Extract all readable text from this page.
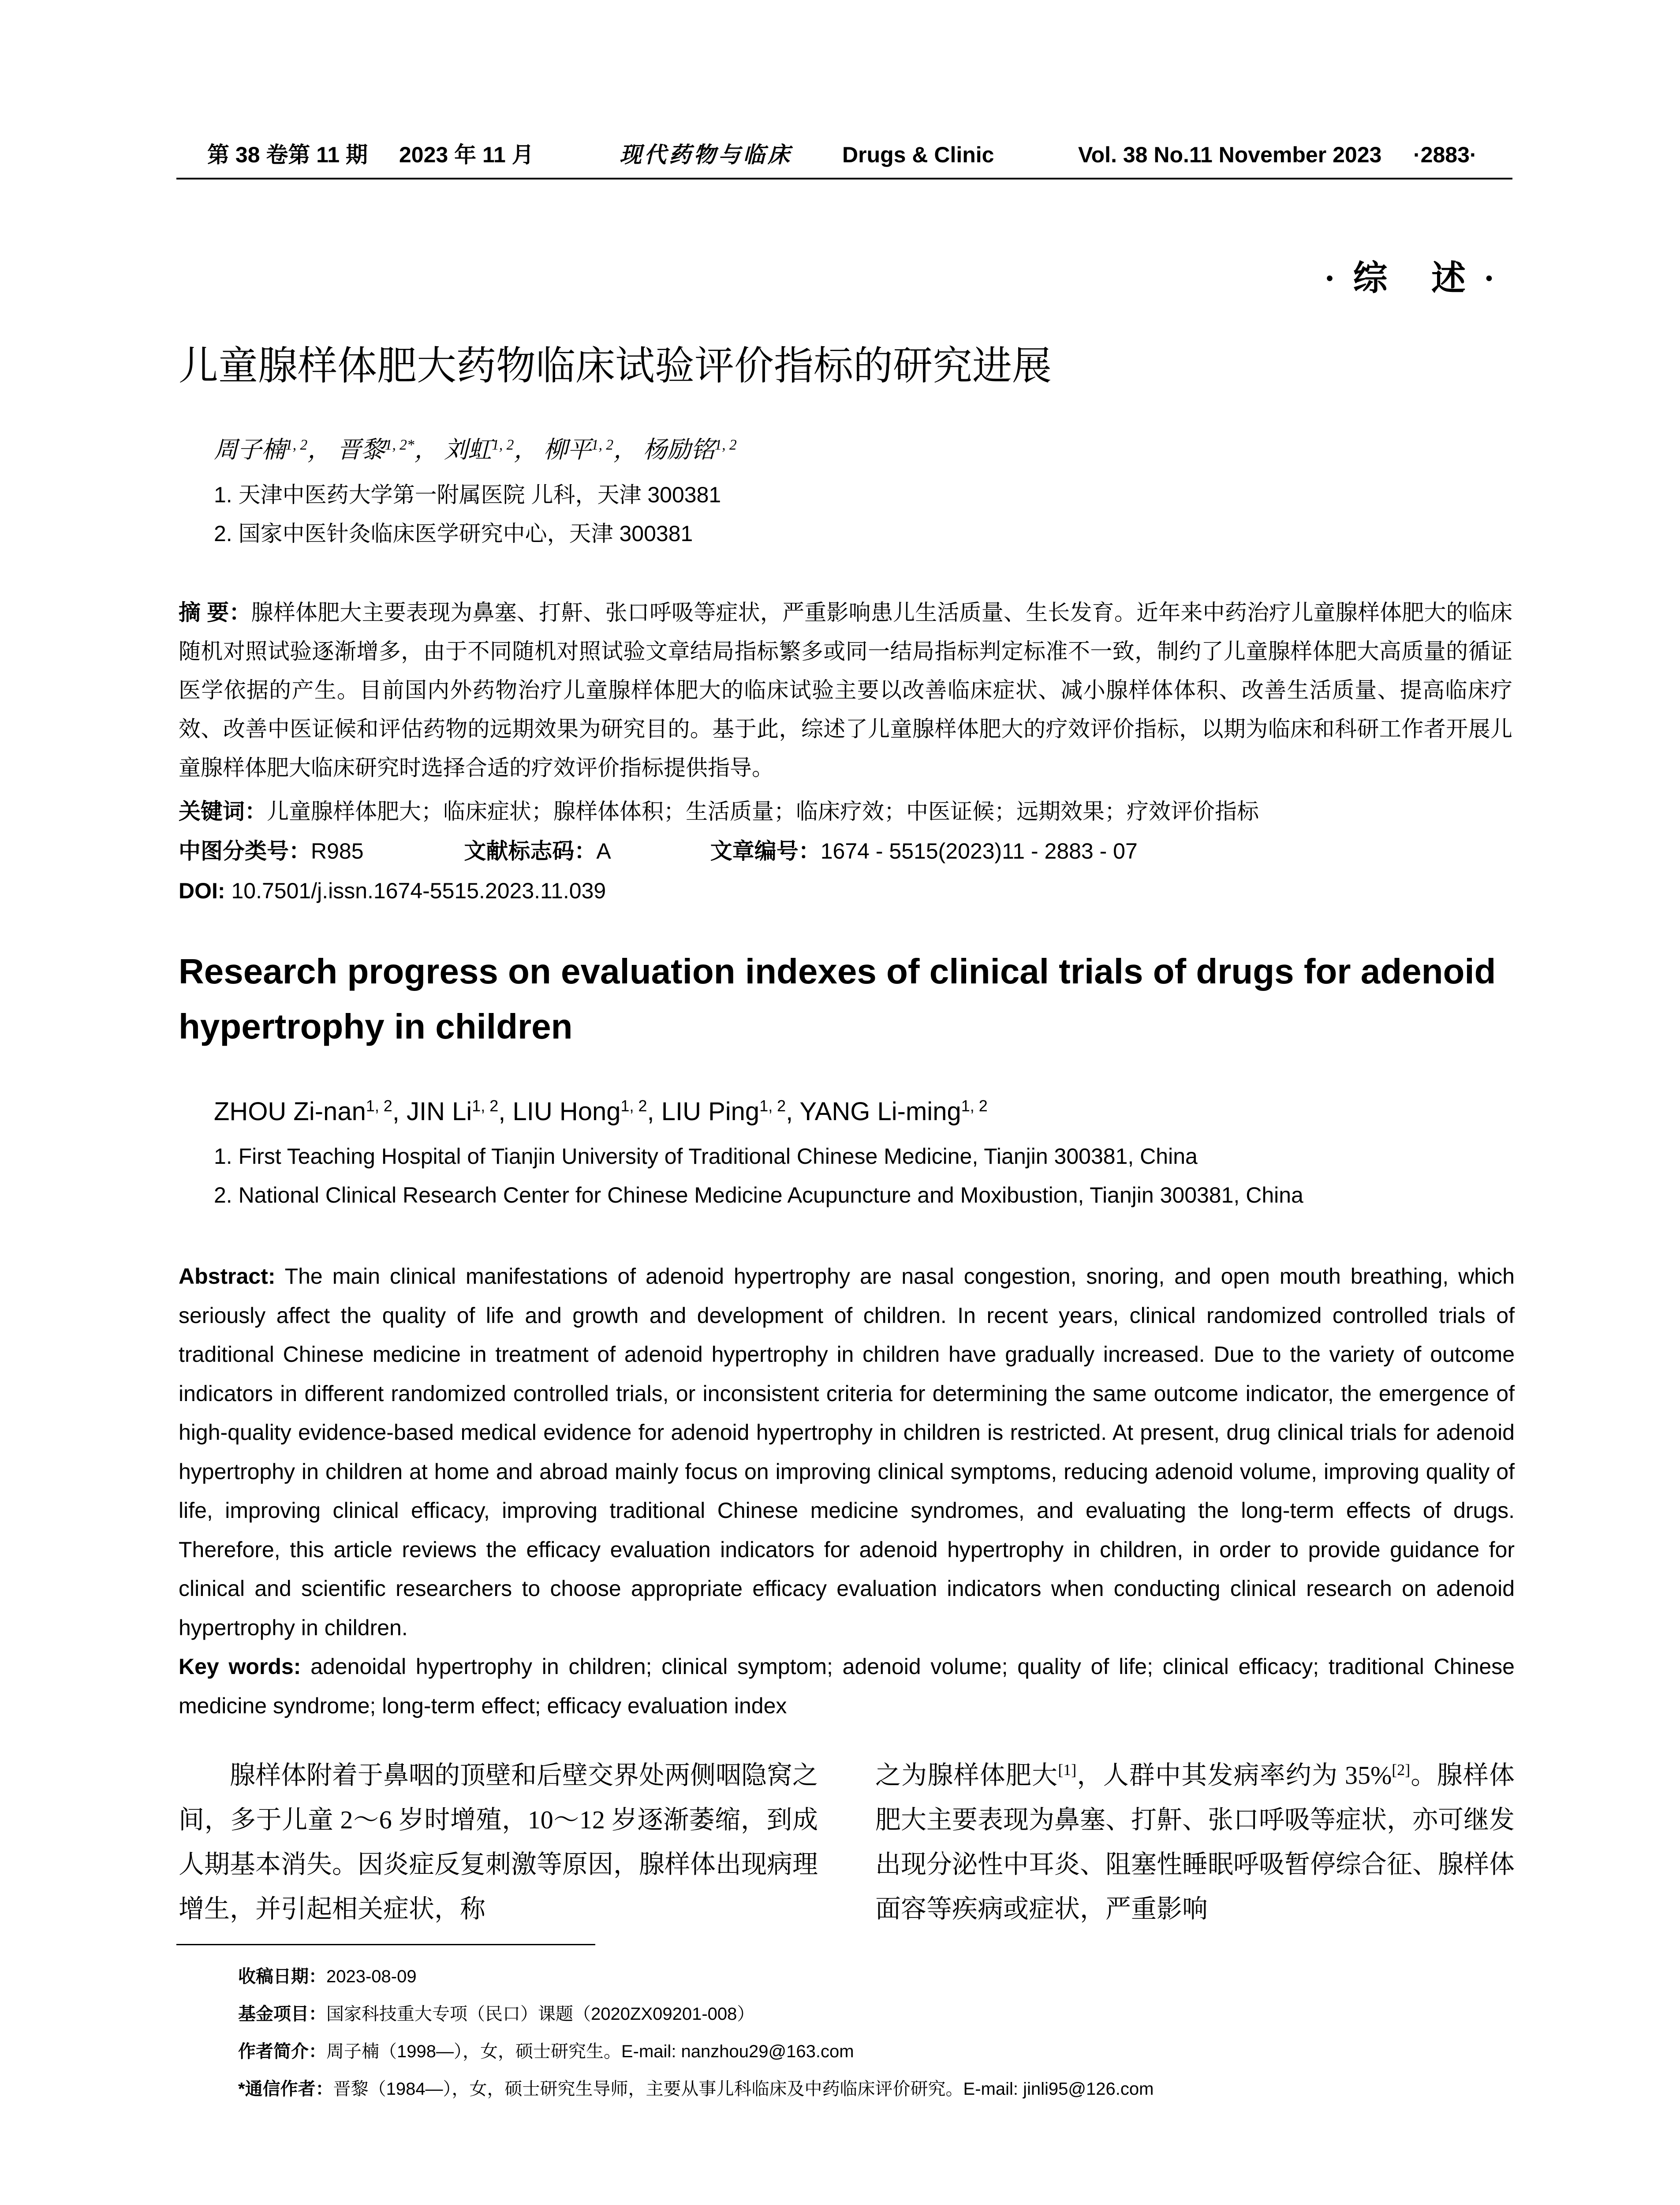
第 38 卷第 11 期 2023 年 11 月	现代药物与临床 Drugs & Clinic	Vol. 38 No.11 November 2023 ·2883·
·综 述·
儿童腺样体肥大药物临床试验评价指标的研究进展
周子楠$^{1, 2}$， 晋黎$^{1, 2*}$， 刘虹$^{1, 2}$， 柳平$^{1, 2}$， 杨励铭$^{1, 2}$
1. 天津中医药大学第一附属医院 儿科，天津 300381
2. 国家中医针灸临床医学研究中心，天津 300381
摘 要：腺样体肥大主要表现为鼻塞、打鼾、张口呼吸等症状，严重影响患儿生活质量、生长发育。近年来中药治疗儿童腺样体肥大的临床随机对照试验逐渐增多，由于不同随机对照试验文章结局指标繁多或同一结局指标判定标准不一致，制约了儿童腺样体肥大高质量的循证医学依据的产生。目前国内外药物治疗儿童腺样体肥大的临床试验主要以改善临床症状、减小腺样体体积、改善生活质量、提高临床疗效、改善中医证候和评估药物的远期效果为研究目的。基于此，综述了儿童腺样体肥大的疗效评价指标，以期为临床和科研工作者开展儿童腺样体肥大临床研究时选择合适的疗效评价指标提供指导。
关键词：儿童腺样体肥大；临床症状；腺样体体积；生活质量；临床疗效；中医证候；远期效果；疗效评价指标
中图分类号：R985	文献标志码：A	文章编号：1674 - 5515(2023)11 - 2883 - 07
DOI: 10.7501/j.issn.1674-5515.2023.11.039
Research progress on evaluation indexes of clinical trials of drugs for adenoid hypertrophy in children
ZHOU Zi-nan$^{1, 2}$, JIN Li$^{1, 2}$, LIU Hong$^{1, 2}$, LIU Ping$^{1, 2}$, YANG Li-ming$^{1, 2}$
1. First Teaching Hospital of Tianjin University of Traditional Chinese Medicine, Tianjin 300381, China
2. National Clinical Research Center for Chinese Medicine Acupuncture and Moxibustion, Tianjin 300381, China
Abstract: The main clinical manifestations of adenoid hypertrophy are nasal congestion, snoring, and open mouth breathing, which seriously affect the quality of life and growth and development of children. In recent years, clinical randomized controlled trials of traditional Chinese medicine in treatment of adenoid hypertrophy in children have gradually increased. Due to the variety of outcome indicators in different randomized controlled trials, or inconsistent criteria for determining the same outcome indicator, the emergence of high-quality evidence-based medical evidence for adenoid hypertrophy in children is restricted. At present, drug clinical trials for adenoid hypertrophy in children at home and abroad mainly focus on improving clinical symptoms, reducing adenoid volume, improving quality of life, improving clinical efficacy, improving traditional Chinese medicine syndromes, and evaluating the long-term effects of drugs. Therefore, this article reviews the efficacy evaluation indicators for adenoid hypertrophy in children, in order to provide guidance for clinical and scientific researchers to choose appropriate efficacy evaluation indicators when conducting clinical research on adenoid hypertrophy in children.
Key words: adenoidal hypertrophy in children; clinical symptom; adenoid volume; quality of life; clinical efficacy; traditional Chinese medicine syndrome; long-term effect; efficacy evaluation index
腺样体附着于鼻咽的顶壁和后壁交界处两侧咽隐窝之间，多于儿童 2～6 岁时增殖，10～12 岁逐渐萎缩，到成人期基本消失。因炎症反复刺激等原因，腺样体出现病理增生，并引起相关症状，称
之为腺样体肥大[1]，人群中其发病率约为 35%[2]。腺样体肥大主要表现为鼻塞、打鼾、张口呼吸等症状，亦可继发出现分泌性中耳炎、阻塞性睡眠呼吸暂停综合征、腺样体面容等疾病或症状，严重影响
收稿日期：2023-08-09
基金项目：国家科技重大专项（民口）课题（2020ZX09201-008）
作者简介：周子楠（1998—），女，硕士研究生。E-mail: nanzhou29@163.com
*通信作者：晋黎（1984—），女，硕士研究生导师，主要从事儿科临床及中药临床评价研究。E-mail: jinli95@126.com
